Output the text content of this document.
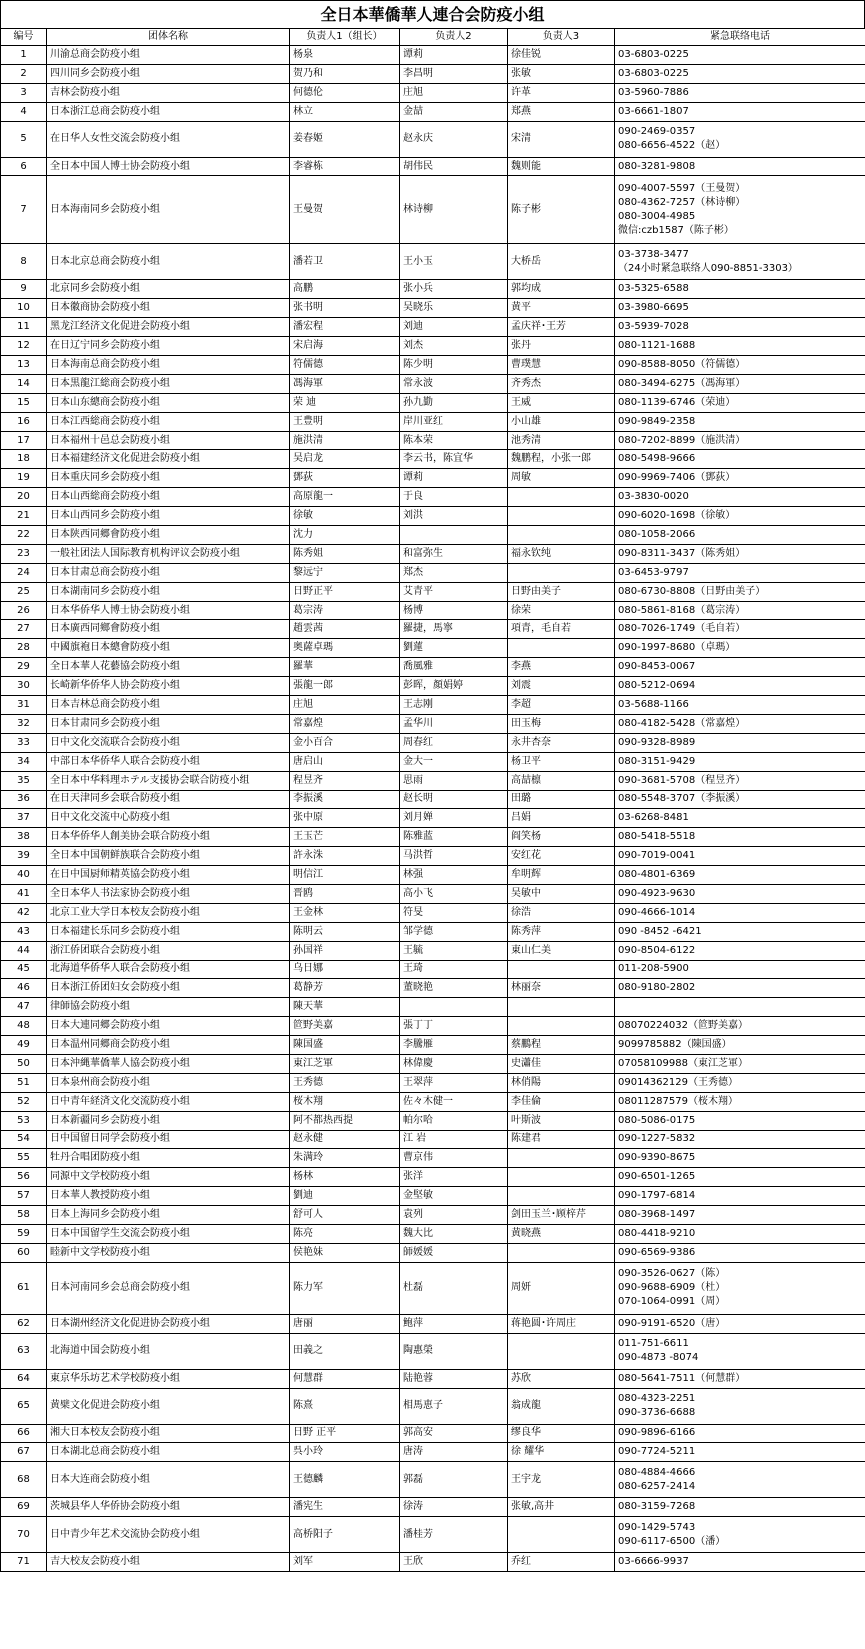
全日本華僑華人連合会防疫小组
编号	团体名称	负责人1（组长）	负责人2	负责人3	紧急联络电话
1	川渝总商会防疫小组	杨泉	谭莉	徐佳锐	03-6803-0225

2	四川同乡会防疫小组	贺乃和	李昌明	张敏	03-6803-0225

3	吉林会防疫小组	何德伦	庄旭	许革	03-5960-7886

4	日本浙江总商会防疫小组	林立	金喆	郑燕	03-6661-1807

5	在日华人女性交流会防疫小组	姜春姬	赵永庆	宋清	090-2469-0357
080-6656-4522（赵）

6	全日本中国人博士协会防疫小组	李睿栋	胡伟民	魏则能	080-3281-9808

7	日本海南同乡会防疫小组	王曼贺	林诗柳	陈子彬	090-4007-5597（王曼贺）
080-4362-7257（林诗柳）
080-3004-4985
微信:czb1587（陈子彬）

8	日本北京总商会防疫小组	潘若卫	王小玉	大桥岳	03-3738-3477
（24小时紧急联络人090-8851-3303）

9	北京同乡会防疫小组	高鹏	张小兵	郭均成	03-5325-6588

10	日本徽商协会防疫小组	张书明	吴晓乐	黄平	03-3980-6695

11	黑龙江经济文化促进会防疫小组	潘宏程	刘迪	孟庆祥･王芳	03-5939-7028

12	在日辽宁同乡会防疫小组	宋启海	刘杰	张丹	080-1121-1688

13	日本海南总商会防疫小组	符儒德	陈少明	曹璞慧	090-8588-8050（符儒德）

14	日本黒龍江総商会防疫小组	馮海軍	常永波	齐秀杰	080-3494-6275（馮海軍）

15	日本山东總商会防疫小组	荣 迪	孙九勤	王威	080-1139-6746（荣迪）

16	日本江西総商会防疫小组	王豊明	岸川亚红	小山雄	090-9849-2358

17	日本福州十邑总会防疫小组	施洪清	陈本荣	池秀清	080-7202-8899（施洪清）

18	日本福建经济文化促进会防疫小组	吴启龙	李云书，陈宜华	魏鹏程，小张一郎	080-5498-9666

19	日本重庆同乡会防疫小组	鄧荻	谭莉	周敏	090-9969-7406（鄧荻）

20	日本山西総商会防疫小组	高原龍一	于良		03-3830-0020

21	日本山西同乡会防疫小组	徐敏	刘洪		090-6020-1698（徐敏）

22	日本陕西同郷會防疫小组	沈力			080-1058-2066

23	一般社团法人国际教育机构评议会防疫小组	陈秀姐	和富弥生	福永钦纯	090-8311-3437（陈秀姐）

24	日本甘肃总商会防疫小组	黎远宁	郑杰		03-6453-9797

25	日本湖南同乡会防疫小组	日野正平	艾青平	日野由美子	080-6730-8808（日野由美子）

26	日本华侨华人博士协会防疫小组	葛宗涛	杨博	徐荣	080-5861-8168（葛宗涛）

27	日本廣西同鄉會防疫小组	趙雲茜	羅捷，馬寧	項青，毛自若	080-7026-1749（毛自若）

28	中國旗袍日本總會防疫小组	奥薩卓瑪	劉蓮		090-1997-8680（卓瑪）

29	全日本華人花藝協会防疫小组	羅華	喬風雅	李燕	090-8453-0067

30	长崎新华侨华人协会防疫小组	張龍一郎	彭晖，顏娟婷	刘震	080-5212-0694

31	日本吉林总商会防疫小组	庄旭	王志刚	李超	03-5688-1166

32	日本甘肃同乡会防疫小组	常嘉煌	孟华川	田玉梅	080-4182-5428（常嘉煌）

33	日中文化交流联合会防疫小组	金小百合	周春红	永井杏奈	090-9328-8989

34	中部日本华侨华人联合会防疫小组	唐启山	金大一	杨卫平	080-3151-9429

35	全日本中华料理ホテル支援协会联合防疫小组	程昱齐	思雨	高喆檩	090-3681-5708（程昱齐）

36	在日天津同乡会联合防疫小组	李振溪	赵长明	田璐	080-5548-3707（李振溪）

37	日中文化交流中心防疫小组	张中原	刘月婵	吕娟	03-6268-8481

38	日本华侨华人創美协会联合防疫小组	王玉芒	陈雅蓝	阎笑杨	080-5418-5518

39	全日本中国朝鲜族联合会防疫小组	許永洙	马洪哲	安红花	090-7019-0041

40	在日中国厨师精英協会防疫小组	明信江	林强	牟明辉	080-4801-6369

41	全日本华人书法家协会防疫小组	晋鸥	高小飞	吴敏中	090-4923-9630

42	北京工业大学日本校友会防疫小组	王金林	符旻	徐浩	090-4666-1014

43	日本福建长乐同乡会防疫小组	陈明云	邹学德	陈秀萍	090 -8452 -6421

44	浙江侨团联合会防疫小组	孙国祥	王毓	東山仁美	090-8504-6122

45	北海道华侨华人联合会防疫小组	乌日娜	王琦		011-208-5900

46	日本浙江侨团妇女会防疫小组	葛静芳	董晓艳	林丽奈	080-9180-2802

47	律師協会防疫小组	陳天華			

48	日本大連同郷会防疫小组	笸野美嘉	張丁丁		08070224032（笸野美嘉）

49	日本温州同郷商会防疫小组	陳国盛	李騰雁	蔡鵬程	9099785882（陳国盛）

50	日本沖縄華僑華人協会防疫小组	東江芝軍	林偉慶	史瀟佳	07058109988（東江芝軍）

51	日本泉州商会防疫小组	王秀德	王翠萍	林俏陽	09014362129（王秀德）

52	日中青年経済文化交流防疫小组	桜木翔	佐々木健一	李佳倫	08011287579（桜木翔）

53	日本新疆同乡会防疫小组	阿不都热西提	帕尔哈	叶斯波	080-5086-0175

54	日中国留日同学会防疫小组	赵永健	江 岩	陈建君	090-1227-5832

55	牡丹合唱团防疫小组	朱满玲	曹京伟		090-9390-8675

56	同源中文学校防疫小组	杨林	张洋		090-6501-1265

57	日本華人教授防疫小组	劉迪	金堅敏		090-1797-6814

58	日本上海同乡会防疫小组	舒可人	袁列	剑田玉兰･顾梓芹	080-3968-1497

59	日本中国留学生交流会防疫小组	陈亮	魏大比	黄晓燕	080-4418-9210

60	睦新中文学校防疫小组	侯艳妹	師媛媛		090-6569-9386

61	日本河南同乡会总商会防疫小组	陈力军	杜磊	周妍	090-3526-0627（陈）
090-9688-6909（杜）
070-1064-0991（周）

62	日本湖州经济文化促进协会防疫小组	唐丽	鲍萍	蒋艳圆･许周庄	090-9191-6520（唐）

63	北海道中国会防疫小组	田義之	陶惠榮		011-751-6611
090-4873 -8074

64	東京华乐坊艺术学校防疫小组	何慧群	陆艳蓉	苏欣	080-5641-7511（何慧群）

65	黄檗文化促进会防疫小组	陈熹	相馬恵子	翁成龍	080-4323-2251
090-3736-6688

66	湘大日本校友会防疫小组	日野 正平	郭高安	缪良华	090-9896-6166

67	日本湖北总商会防疫小组	呉小玲	唐涛	徐 耀华	090-7724-5211

68	日本大连商会防疫小组	王德麟	郭磊	王宇龙	080-4884-4666
080-6257-2414

69	茨城县华人华侨协会防疫小组	潘宪生	徐涛	张敏,高井	080-3159-7268

70	日中青少年艺术交流协会防疫小组	高桥阳子	潘桂芳		090-1429-5743
090-6117-6500（潘）

71	吉大校友会防疫小组	刘军	王欣	乔红	03-6666-9937
